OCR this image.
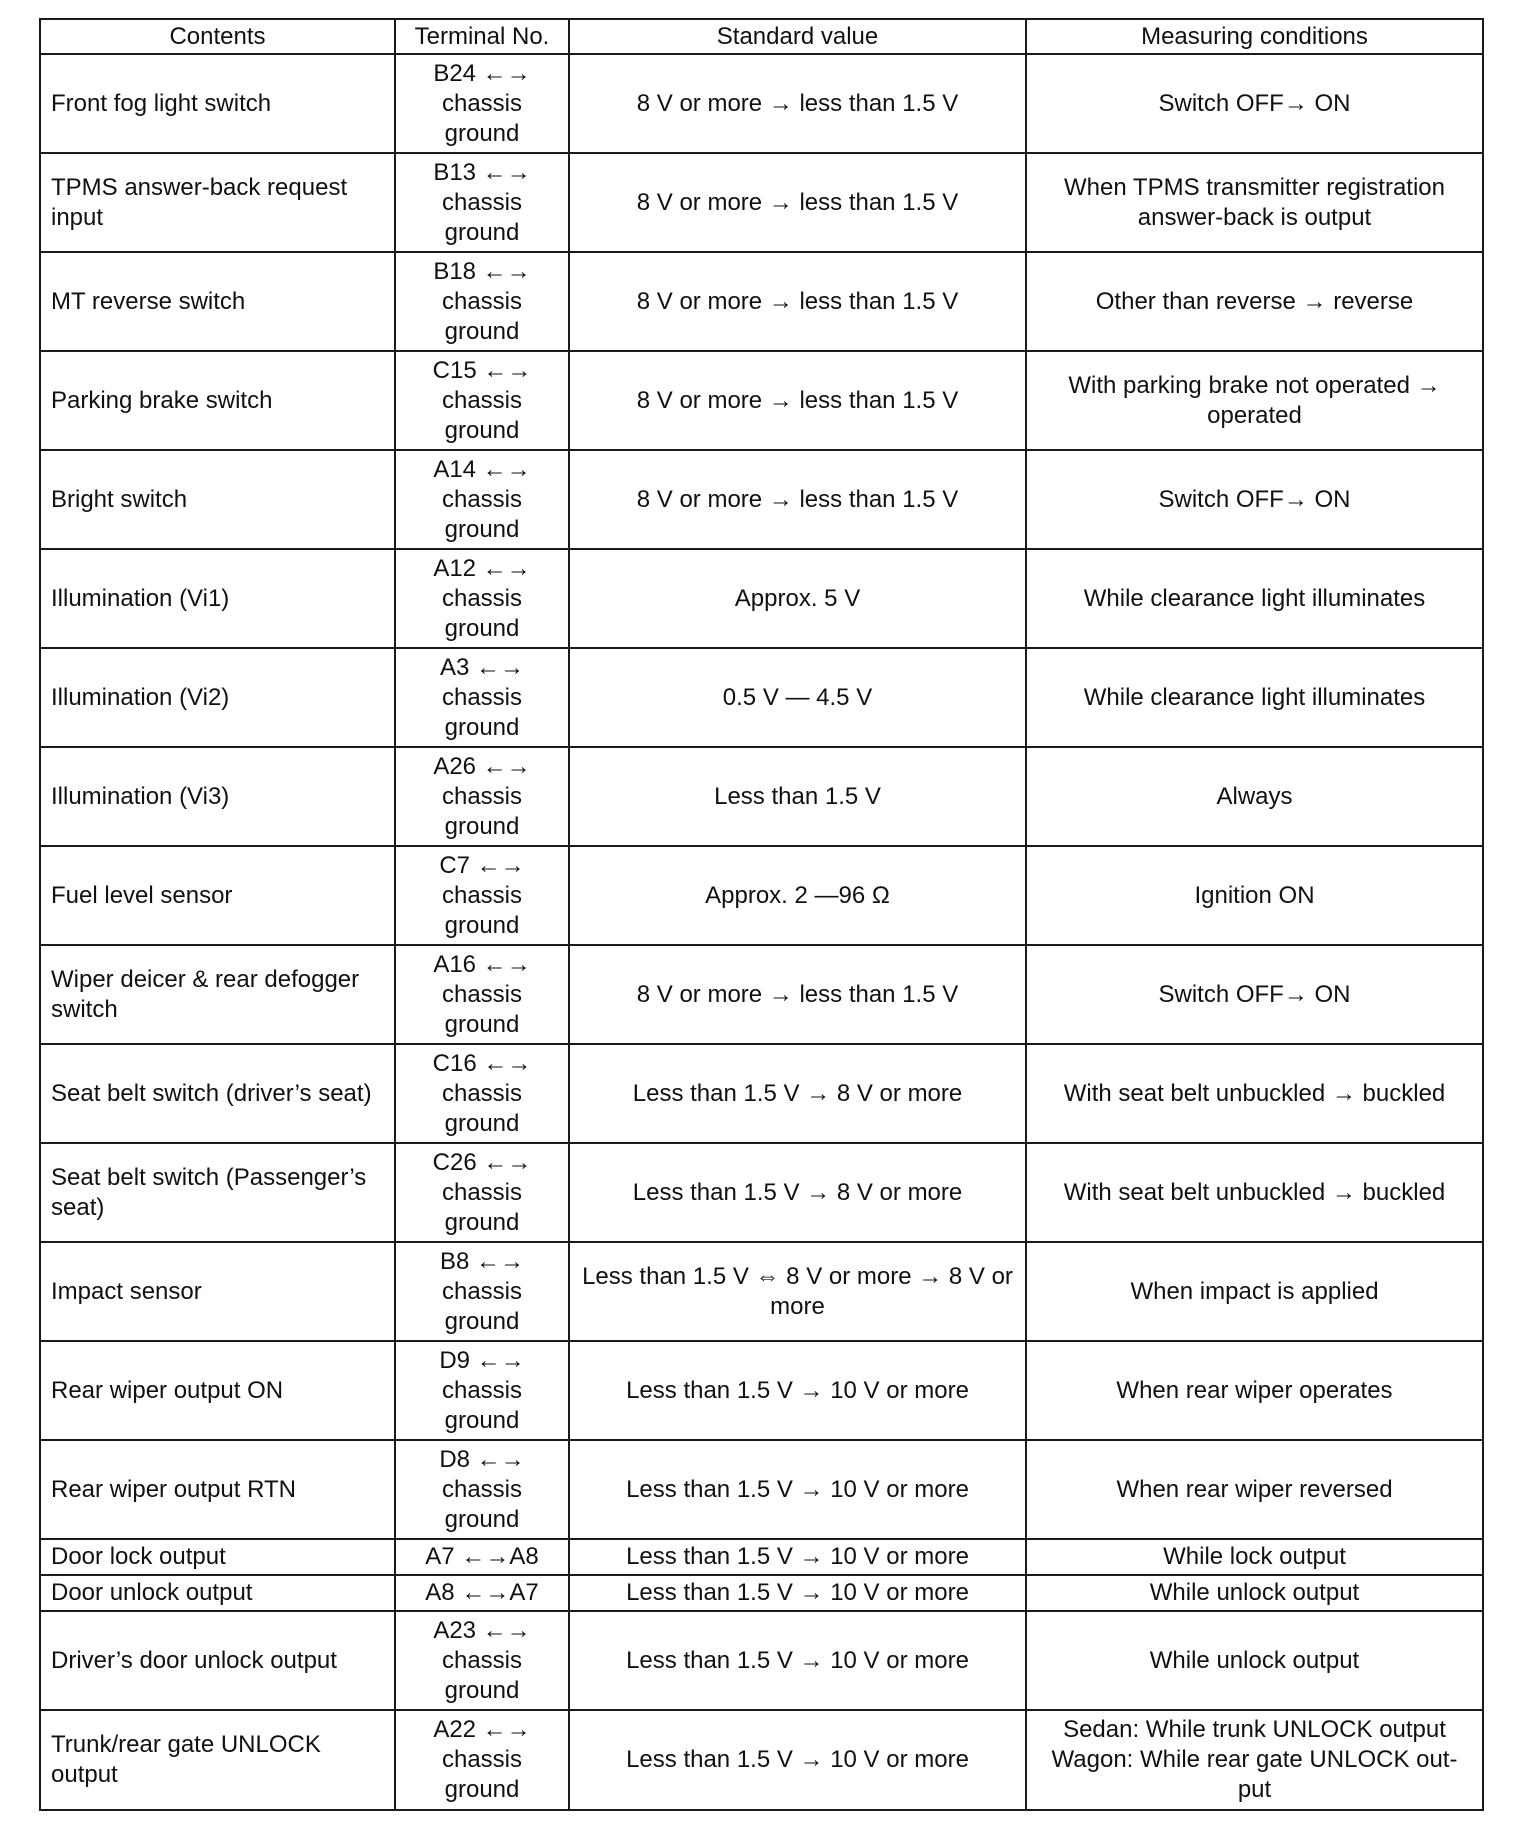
Contents	Terminal No.	Standard value	Measuring conditions
Front fog light switch	B24 ←→ chassis ground	8 V or more → less than 1.5 V	Switch OFF→ ON
TPMS answer-back request input	B13 ←→ chassis ground	8 V or more → less than 1.5 V	When TPMS transmitter registration answer-back is output
MT reverse switch	B18 ←→ chassis ground	8 V or more → less than 1.5 V	Other than reverse → reverse
Parking brake switch	C15 ←→ chassis ground	8 V or more → less than 1.5 V	With parking brake not operated → operated
Bright switch	A14 ←→ chassis ground	8 V or more → less than 1.5 V	Switch OFF→ ON
Illumination (Vi1)	A12 ←→ chassis ground	Approx. 5 V	While clearance light illuminates
Illumination (Vi2)	A3 ←→ chassis ground	0.5 V — 4.5 V	While clearance light illuminates
Illumination (Vi3)	A26 ←→ chassis ground	Less than 1.5 V	Always
Fuel level sensor	C7 ←→ chassis ground	Approx. 2 —96 Ω	Ignition ON
Wiper deicer & rear defogger switch	A16 ←→ chassis ground	8 V or more → less than 1.5 V	Switch OFF→ ON
Seat belt switch (driver’s seat)	C16 ←→ chassis ground	Less than 1.5 V → 8 V or more	With seat belt unbuckled → buckled
Seat belt switch (Passenger’s seat)	C26 ←→ chassis ground	Less than 1.5 V → 8 V or more	With seat belt unbuckled → buckled
Impact sensor	B8 ←→ chassis ground	Less than 1.5 V ⇔ 8 V or more → 8 V or more	When impact is applied
Rear wiper output ON	D9 ←→ chassis ground	Less than 1.5 V → 10 V or more	When rear wiper operates
Rear wiper output RTN	D8 ←→ chassis ground	Less than 1.5 V → 10 V or more	When rear wiper reversed
Door lock output	A7 ←→A8	Less than 1.5 V → 10 V or more	While lock output
Door unlock output	A8 ←→A7	Less than 1.5 V → 10 V or more	While unlock output
Driver’s door unlock output	A23 ←→ chassis ground	Less than 1.5 V → 10 V or more	While unlock output
Trunk/rear gate UNLOCK output	A22 ←→ chassis ground	Less than 1.5 V → 10 V or more	Sedan: While trunk UNLOCK output
Wagon: While rear gate UNLOCK out-put
